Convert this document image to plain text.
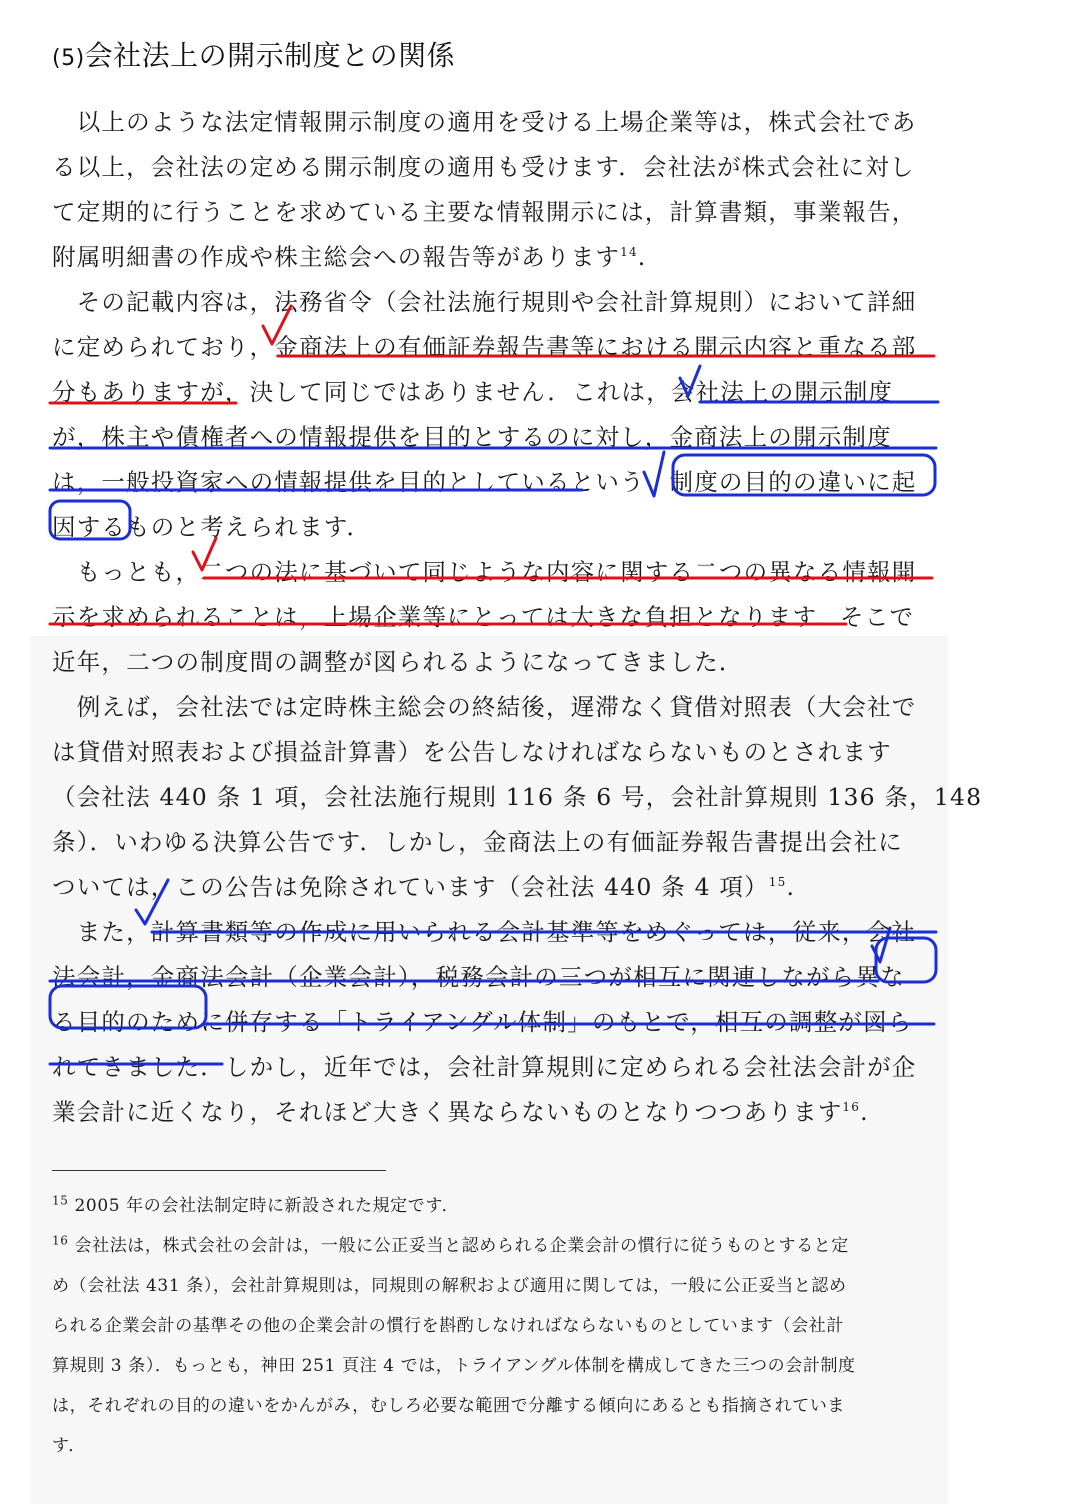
(5)会社法上の開示制度との関係
　以上のような法定情報開示制度の適用を受ける上場企業等は，株式会社であ
る以上，会社法の定める開示制度の適用も受けます．会社法が株式会社に対し
て定期的に行うことを求めている主要な情報開示には，計算書類，事業報告，
附属明細書の作成や株主総会への報告等があります$^{14}$.
　その記載内容は，法務省令（会社法施行規則や会社計算規則）において詳細
に定められており，金商法上の有価証券報告書等における開示内容と重なる部
分もありますが，決して同じではありません．これは，会社法上の開示制度
が，株主や債権者への情報提供を目的とするのに対し，金商法上の開示制度
は，一般投資家への情報提供を目的としているという　制度の目的の違いに起
因するものと考えられます．
　もっとも，二つの法に基づいて同じような内容に関する二つの異なる情報開
示を求められることは，上場企業等にとっては大きな負担となります．そこで
近年，二つの制度間の調整が図られるようになってきました．
　例えば，会社法では定時株主総会の終結後，遅滞なく貸借対照表（大会社で
は貸借対照表および損益計算書）を公告しなければならないものとされます
（会社法 440 条 1 項，会社法施行規則 116 条 6 号，会社計算規則 136 条，148
条）．いわゆる決算公告です．しかし，金商法上の有価証券報告書提出会社に
ついては，この公告は免除されています（会社法 440 条 4 項）$^{15}$.
　また，計算書類等の作成に用いられる会計基準等をめぐっては，従来，会社
法会計，金商法会計（企業会計），税務会計の三つが相互に関連しながら異な
る目的のために併存する「トライアングル体制」のもとで，相互の調整が図ら
れてきました．しかし，近年では，会社計算規則に定められる会社法会計が企
業会計に近くなり，それほど大きく異ならないものとなりつつあります$^{16}$.
$^{15}$ 2005 年の会社法制定時に新設された規定です．
$^{16}$ 会社法は，株式会社の会計は，一般に公正妥当と認められる企業会計の慣行に従うものとすると定
め（会社法 431 条），会社計算規則は，同規則の解釈および適用に関しては，一般に公正妥当と認め
られる企業会計の基準その他の企業会計の慣行を斟酌しなければならないものとしています（会社計
算規則 3 条）．もっとも，神田 251 頁注 4 では，トライアングル体制を構成してきた三つの会計制度
は，それぞれの目的の違いをかんがみ，むしろ必要な範囲で分離する傾向にあるとも指摘されていま
す．
